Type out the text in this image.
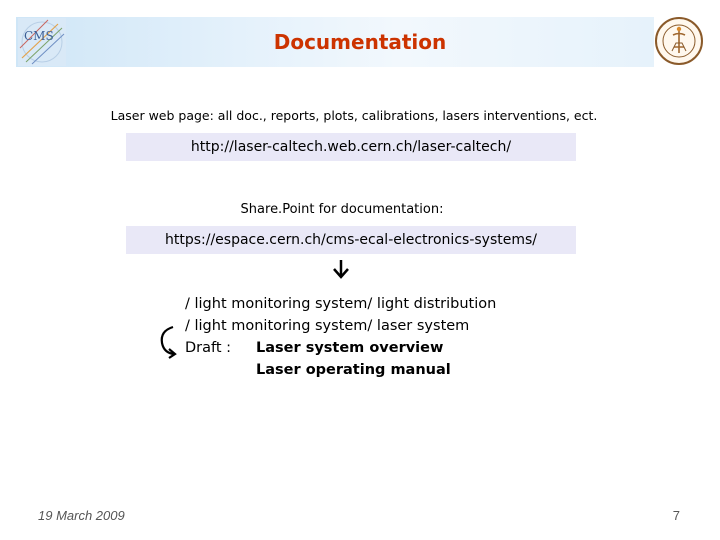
CMS	Documentation
Laser web page: all doc., reports, plots, calibrations, lasers interventions, ect.
http://laser-caltech.web.cern.ch/laser-caltech/
Share.Point for documentation:
https://espace.cern.ch/cms-ecal-electronics-systems/
/ light monitoring system/ light distribution
/ light monitoring system/ laser system
Draft : Laser system overview
Laser operating manual
19 March 2009	7
